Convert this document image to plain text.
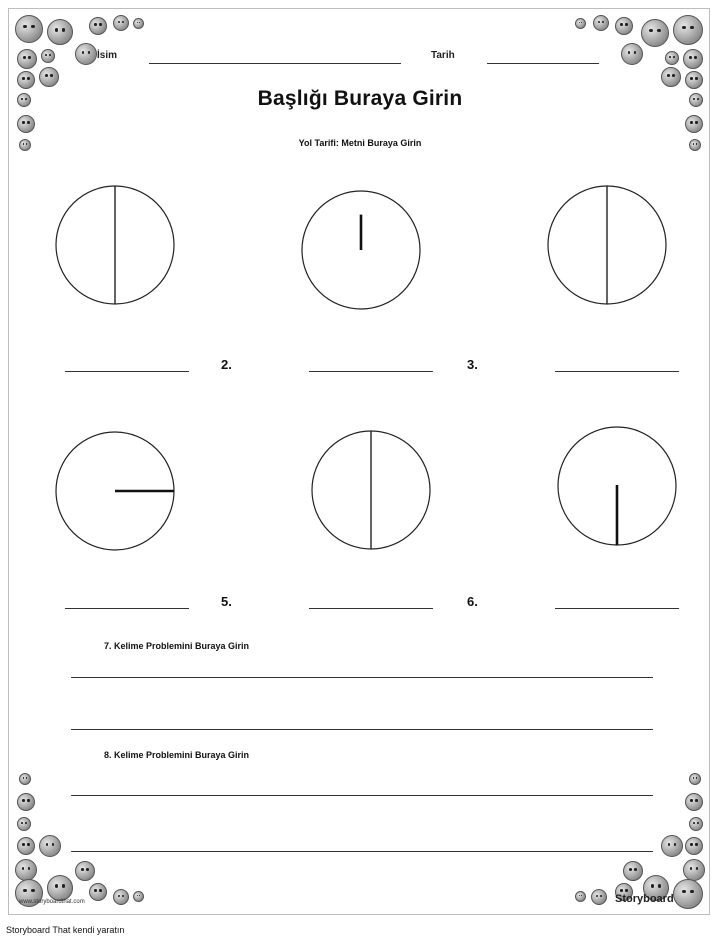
İsim	Tarih
Başlığı Buraya Girin
Yol Tarifi: Metni Buraya Girin
2.	3.
5.	6.
7. Kelime Problemini Buraya Girin
8. Kelime Problemini Buraya Girin
www.storyboardthat.com	Storyboard
Storyboard That kendi yaratın
